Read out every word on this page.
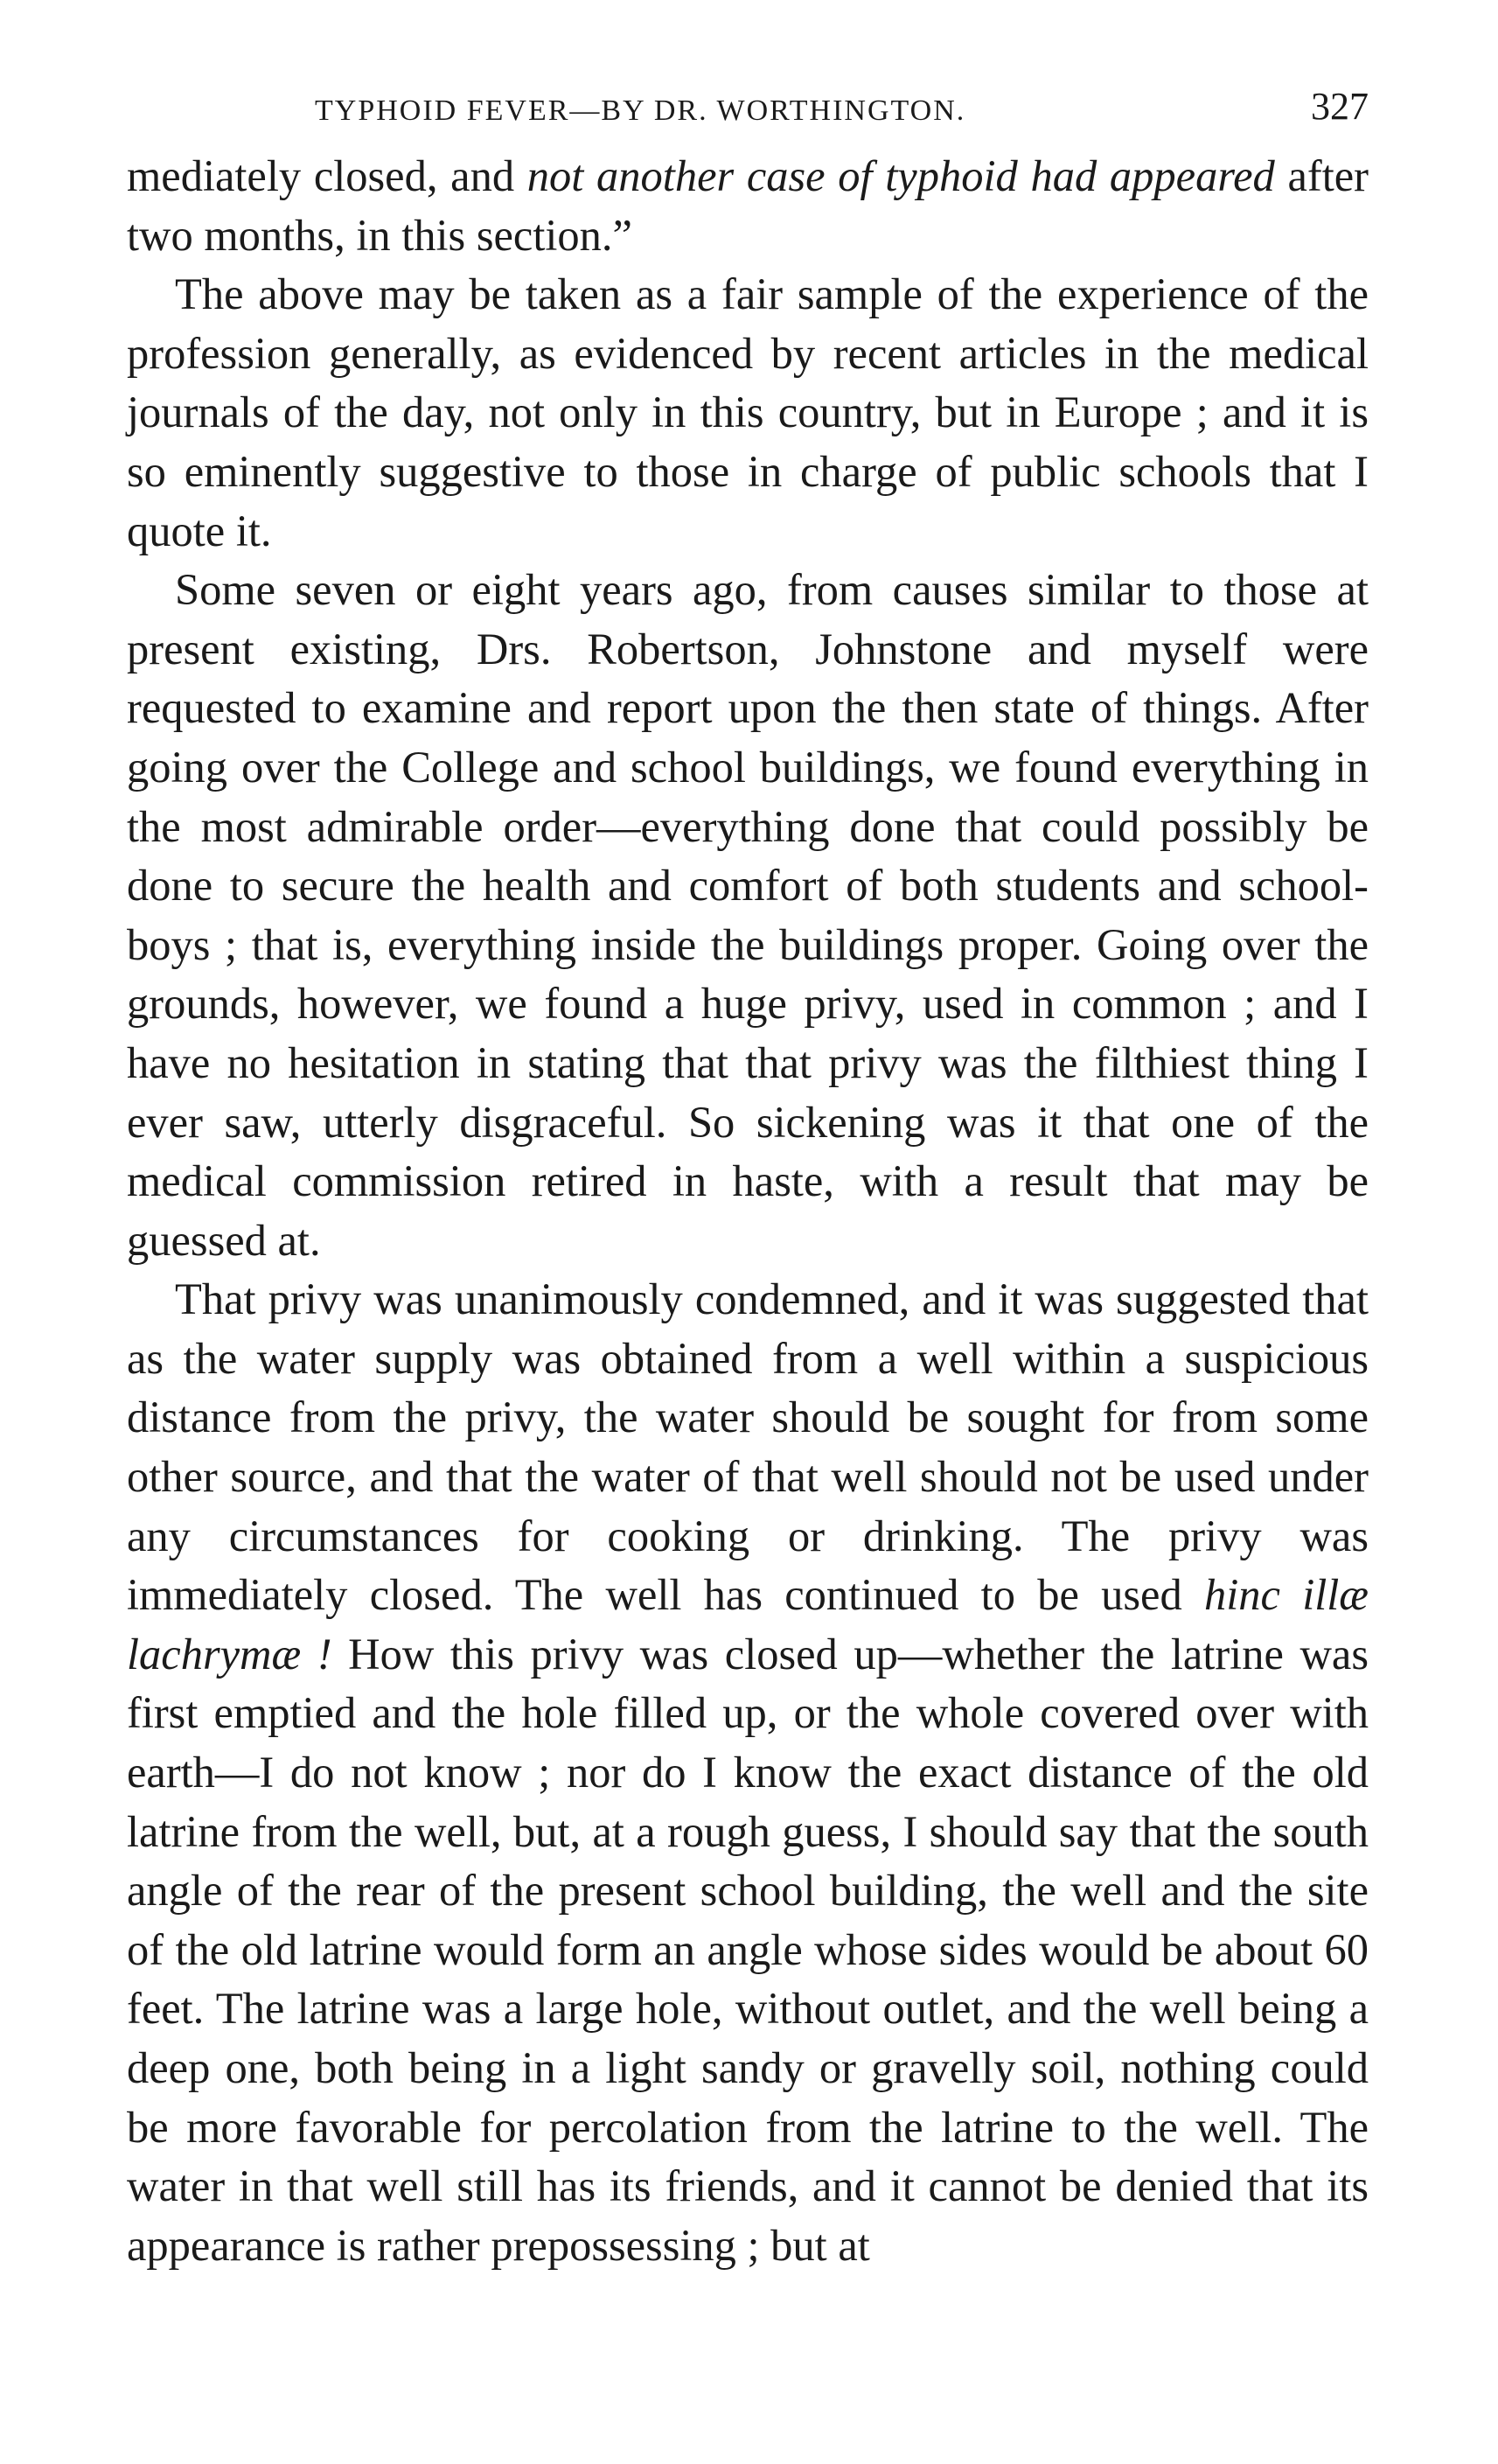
TYPHOID FEVER—BY DR. WORTHINGTON.	327

mediately closed, and not another case of typhoid had appeared after two months, in this section.”

The above may be taken as a fair sample of the experience of the profession generally, as evidenced by recent articles in the medical journals of the day, not only in this country, but in Europe ; and it is so eminently suggestive to those in charge of public schools that I quote it.

Some seven or eight years ago, from causes similar to those at present existing, Drs. Robertson, Johnstone and myself were requested to examine and report upon the then state of things. After going over the College and school buildings, we found everything in the most admirable order—everything done that could possibly be done to secure the health and comfort of both students and school-boys ; that is, everything inside the buildings proper. Going over the grounds, however, we found a huge privy, used in common ; and I have no hesitation in stating that that privy was the filthiest thing I ever saw, utterly disgraceful. So sickening was it that one of the medical commission retired in haste, with a result that may be guessed at.

That privy was unanimously condemned, and it was suggested that as the water supply was obtained from a well within a suspicious distance from the privy, the water should be sought for from some other source, and that the water of that well should not be used under any circumstances for cooking or drinking. The privy was immediately closed. The well has continued to be used hinc illæ lachrymæ ! How this privy was closed up—whether the latrine was first emptied and the hole filled up, or the whole covered over with earth—I do not know ; nor do I know the exact distance of the old latrine from the well, but, at a rough guess, I should say that the south angle of the rear of the present school building, the well and the site of the old latrine would form an angle whose sides would be about 60 feet. The latrine was a large hole, without outlet, and the well being a deep one, both being in a light sandy or gravelly soil, nothing could be more favorable for percolation from the latrine to the well. The water in that well still has its friends, and it cannot be denied that its appearance is rather prepossessing ; but at
